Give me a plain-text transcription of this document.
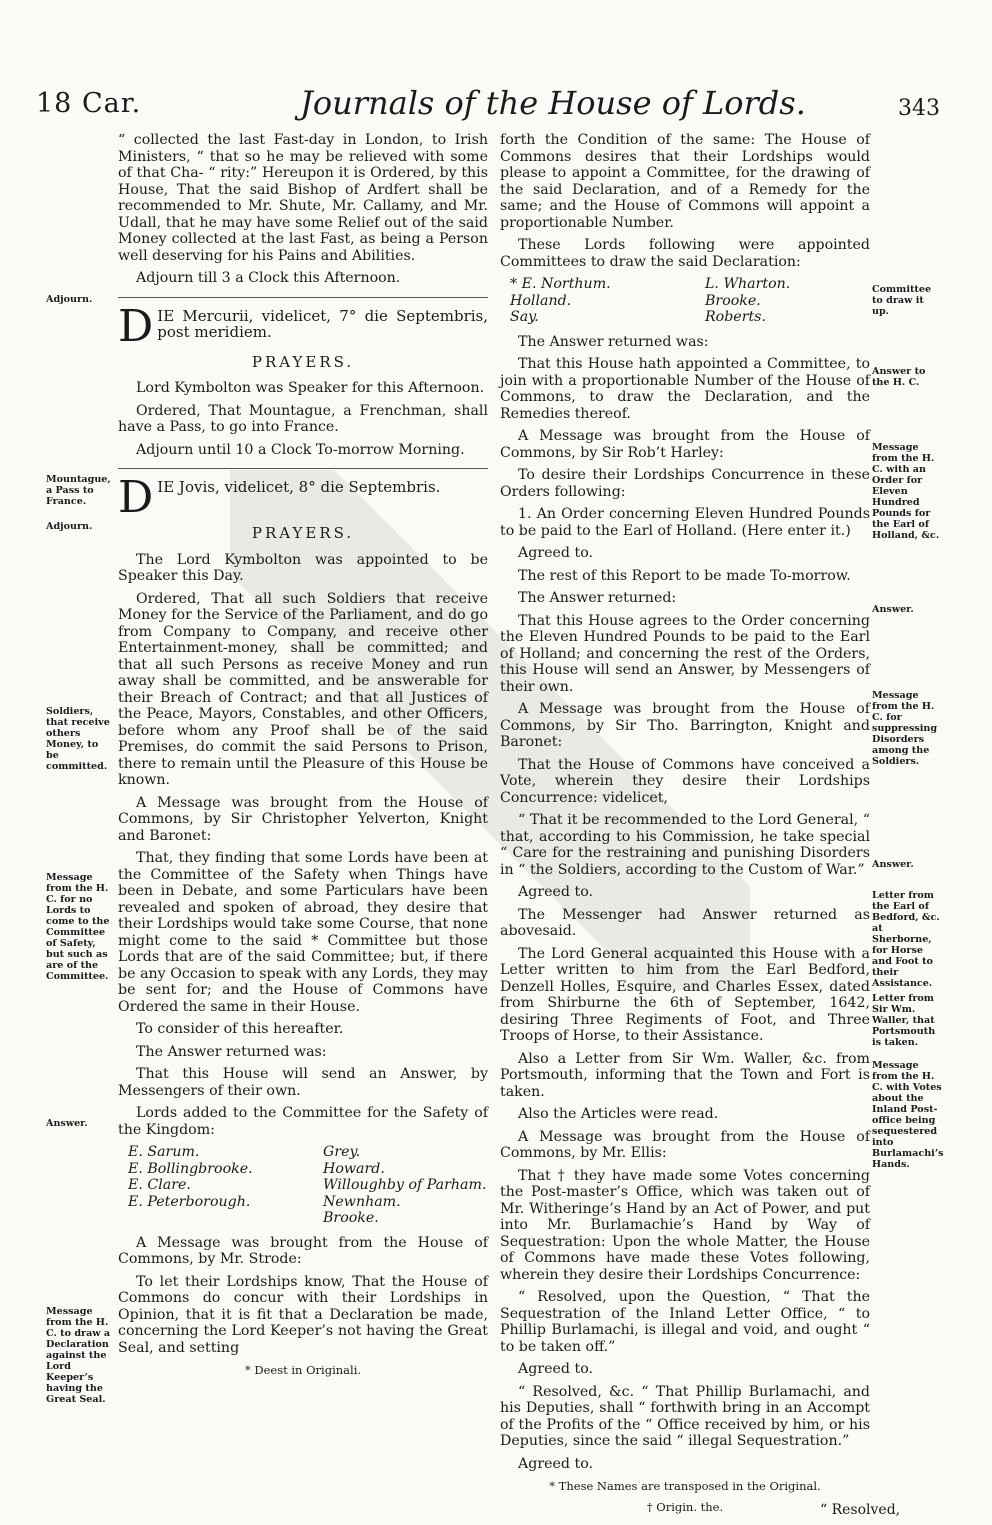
18 Car.	Journals of the House of Lords.	343
Adjourn.
Mountague, a Pass to France.
Adjourn.
Soldiers, that receive others Money, to be committed.
Message from the H. C. for no Lords to come to the Committee of Safety, but such as are of the Committee.
Answer.
Message from the H. C. to draw a Declaration against the Lord Keeper’s having the Great Seal.
Committee to draw it up.
Answer to the H. C.
Message from the H. C. with an Order for Eleven Hundred Pounds for the Earl of Holland, &c.
Answer.
Message from the H. C. for suppressing Disorders among the Soldiers.
Answer.
Letter from the Earl of Bedford, &c. at Sherborne, for Horse and Foot to their Assistance.
Letter from Sir Wm. Waller, that Portsmouth is taken.
Message from the H. C. with Votes about the Inland Post-office being sequestered into Burlamachi’s Hands.

“ collected the last Fast-day in London, to Irish Ministers, “ that so he may be relieved with some of that Cha- “ rity:” Hereupon it is Ordered, by this House, That the said Bishop of Ardfert shall be recommended to Mr. Shute, Mr. Callamy, and Mr. Udall, that he may have some Relief out of the said Money collected at the last Fast, as being a Person well deserving for his Pains and Abilities.

Adjourn till 3 a Clock this Afternoon.

DIE Mercurii, videlicet, 7° die Septembris, post meridiem.
PRAYERS.

Lord Kymbolton was Speaker for this Afternoon.

Ordered, That Mountague, a Frenchman, shall have a Pass, to go into France.

Adjourn until 10 a Clock To-morrow Morning.

DIE Jovis, videlicet, 8° die Septembris.
PRAYERS.

The Lord Kymbolton was appointed to be Speaker this Day.

Ordered, That all such Soldiers that receive Money for the Service of the Parliament, and do go from Company to Company, and receive other Entertainment-money, shall be committed; and that all such Persons as receive Money and run away shall be committed, and be answerable for their Breach of Contract; and that all Justices of the Peace, Mayors, Constables, and other Officers, before whom any Proof shall be of the said Premises, do commit the said Persons to Prison, there to remain until the Pleasure of this House be known.

A Message was brought from the House of Commons, by Sir Christopher Yelverton, Knight and Baronet:

That, they finding that some Lords have been at the Committee of the Safety when Things have been in Debate, and some Particulars have been revealed and spoken of abroad, they desire that their Lordships would take some Course, that none might come to the said * Committee but those Lords that are of the said Committee; but, if there be any Occasion to speak with any Lords, they may be sent for; and the House of Commons have Ordered the same in their House.

To consider of this hereafter.

The Answer returned was:

That this House will send an Answer, by Messengers of their own.

Lords added to the Committee for the Safety of the Kingdom:

E. Sarum.	Grey.
E. Bollingbrooke.	Howard.
E. Clare.	Willoughby of Parham.
E. Peterborough.	Newnham.
Brooke.

A Message was brought from the House of Commons, by Mr. Strode:

To let their Lordships know, That the House of Commons do concur with their Lordships in Opinion, that it is fit that a Declaration be made, concerning the Lord Keeper’s not having the Great Seal, and setting

* Deest in Originali.

forth the Condition of the same: The House of Commons desires that their Lordships would please to appoint a Committee, for the drawing of the said Declaration, and of a Remedy for the same; and the House of Commons will appoint a proportionable Number.

These Lords following were appointed Committees to draw the said Declaration:

* E. Northum.	L. Wharton.
Holland.	Brooke.
Say.	Roberts.

The Answer returned was:

That this House hath appointed a Committee, to join with a proportionable Number of the House of Commons, to draw the Declaration, and the Remedies thereof.

A Message was brought from the House of Commons, by Sir Rob’t Harley:

To desire their Lordships Concurrence in these Orders following:

1. An Order concerning Eleven Hundred Pounds to be paid to the Earl of Holland. (Here enter it.)

Agreed to.

The rest of this Report to be made To-morrow.

The Answer returned:

That this House agrees to the Order concerning the Eleven Hundred Pounds to be paid to the Earl of Holland; and concerning the rest of the Orders, this House will send an Answer, by Messengers of their own.

A Message was brought from the House of Commons, by Sir Tho. Barrington, Knight and Baronet:

That the House of Commons have conceived a Vote, wherein they desire their Lordships Concurrence: videlicet,

“ That it be recommended to the Lord General, “ that, according to his Commission, he take special “ Care for the restraining and punishing Disorders in “ the Soldiers, according to the Custom of War.”

Agreed to.

The Messenger had Answer returned as abovesaid.

The Lord General acquainted this House with a Letter written to him from the Earl Bedford, Denzell Holles, Esquire, and Charles Essex, dated from Shirburne the 6th of September, 1642, desiring Three Regiments of Foot, and Three Troops of Horse, to their Assistance.

Also a Letter from Sir Wm. Waller, &c. from Portsmouth, informing that the Town and Fort is taken.

Also the Articles were read.

A Message was brought from the House of Commons, by Mr. Ellis:

That † they have made some Votes concerning the Post-master’s Office, which was taken out of Mr. Witheringe’s Hand by an Act of Power, and put into Mr. Burlamachie’s Hand by Way of Sequestration: Upon the whole Matter, the House of Commons have made these Votes following, wherein they desire their Lordships Concurrence:

“ Resolved, upon the Question, “ That the Sequestration of the Inland Letter Office, “ to Phillip Burlamachi, is illegal and void, and ought “ to be taken off.”

Agreed to.

“ Resolved, &c. “ That Phillip Burlamachi, and his Deputies, shall “ forthwith bring in an Accompt of the Profits of the “ Office received by him, or his Deputies, since the said “ illegal Sequestration.”

Agreed to.

* These Names are transposed in the Original.
† Origin. the.	“ Resolved,
